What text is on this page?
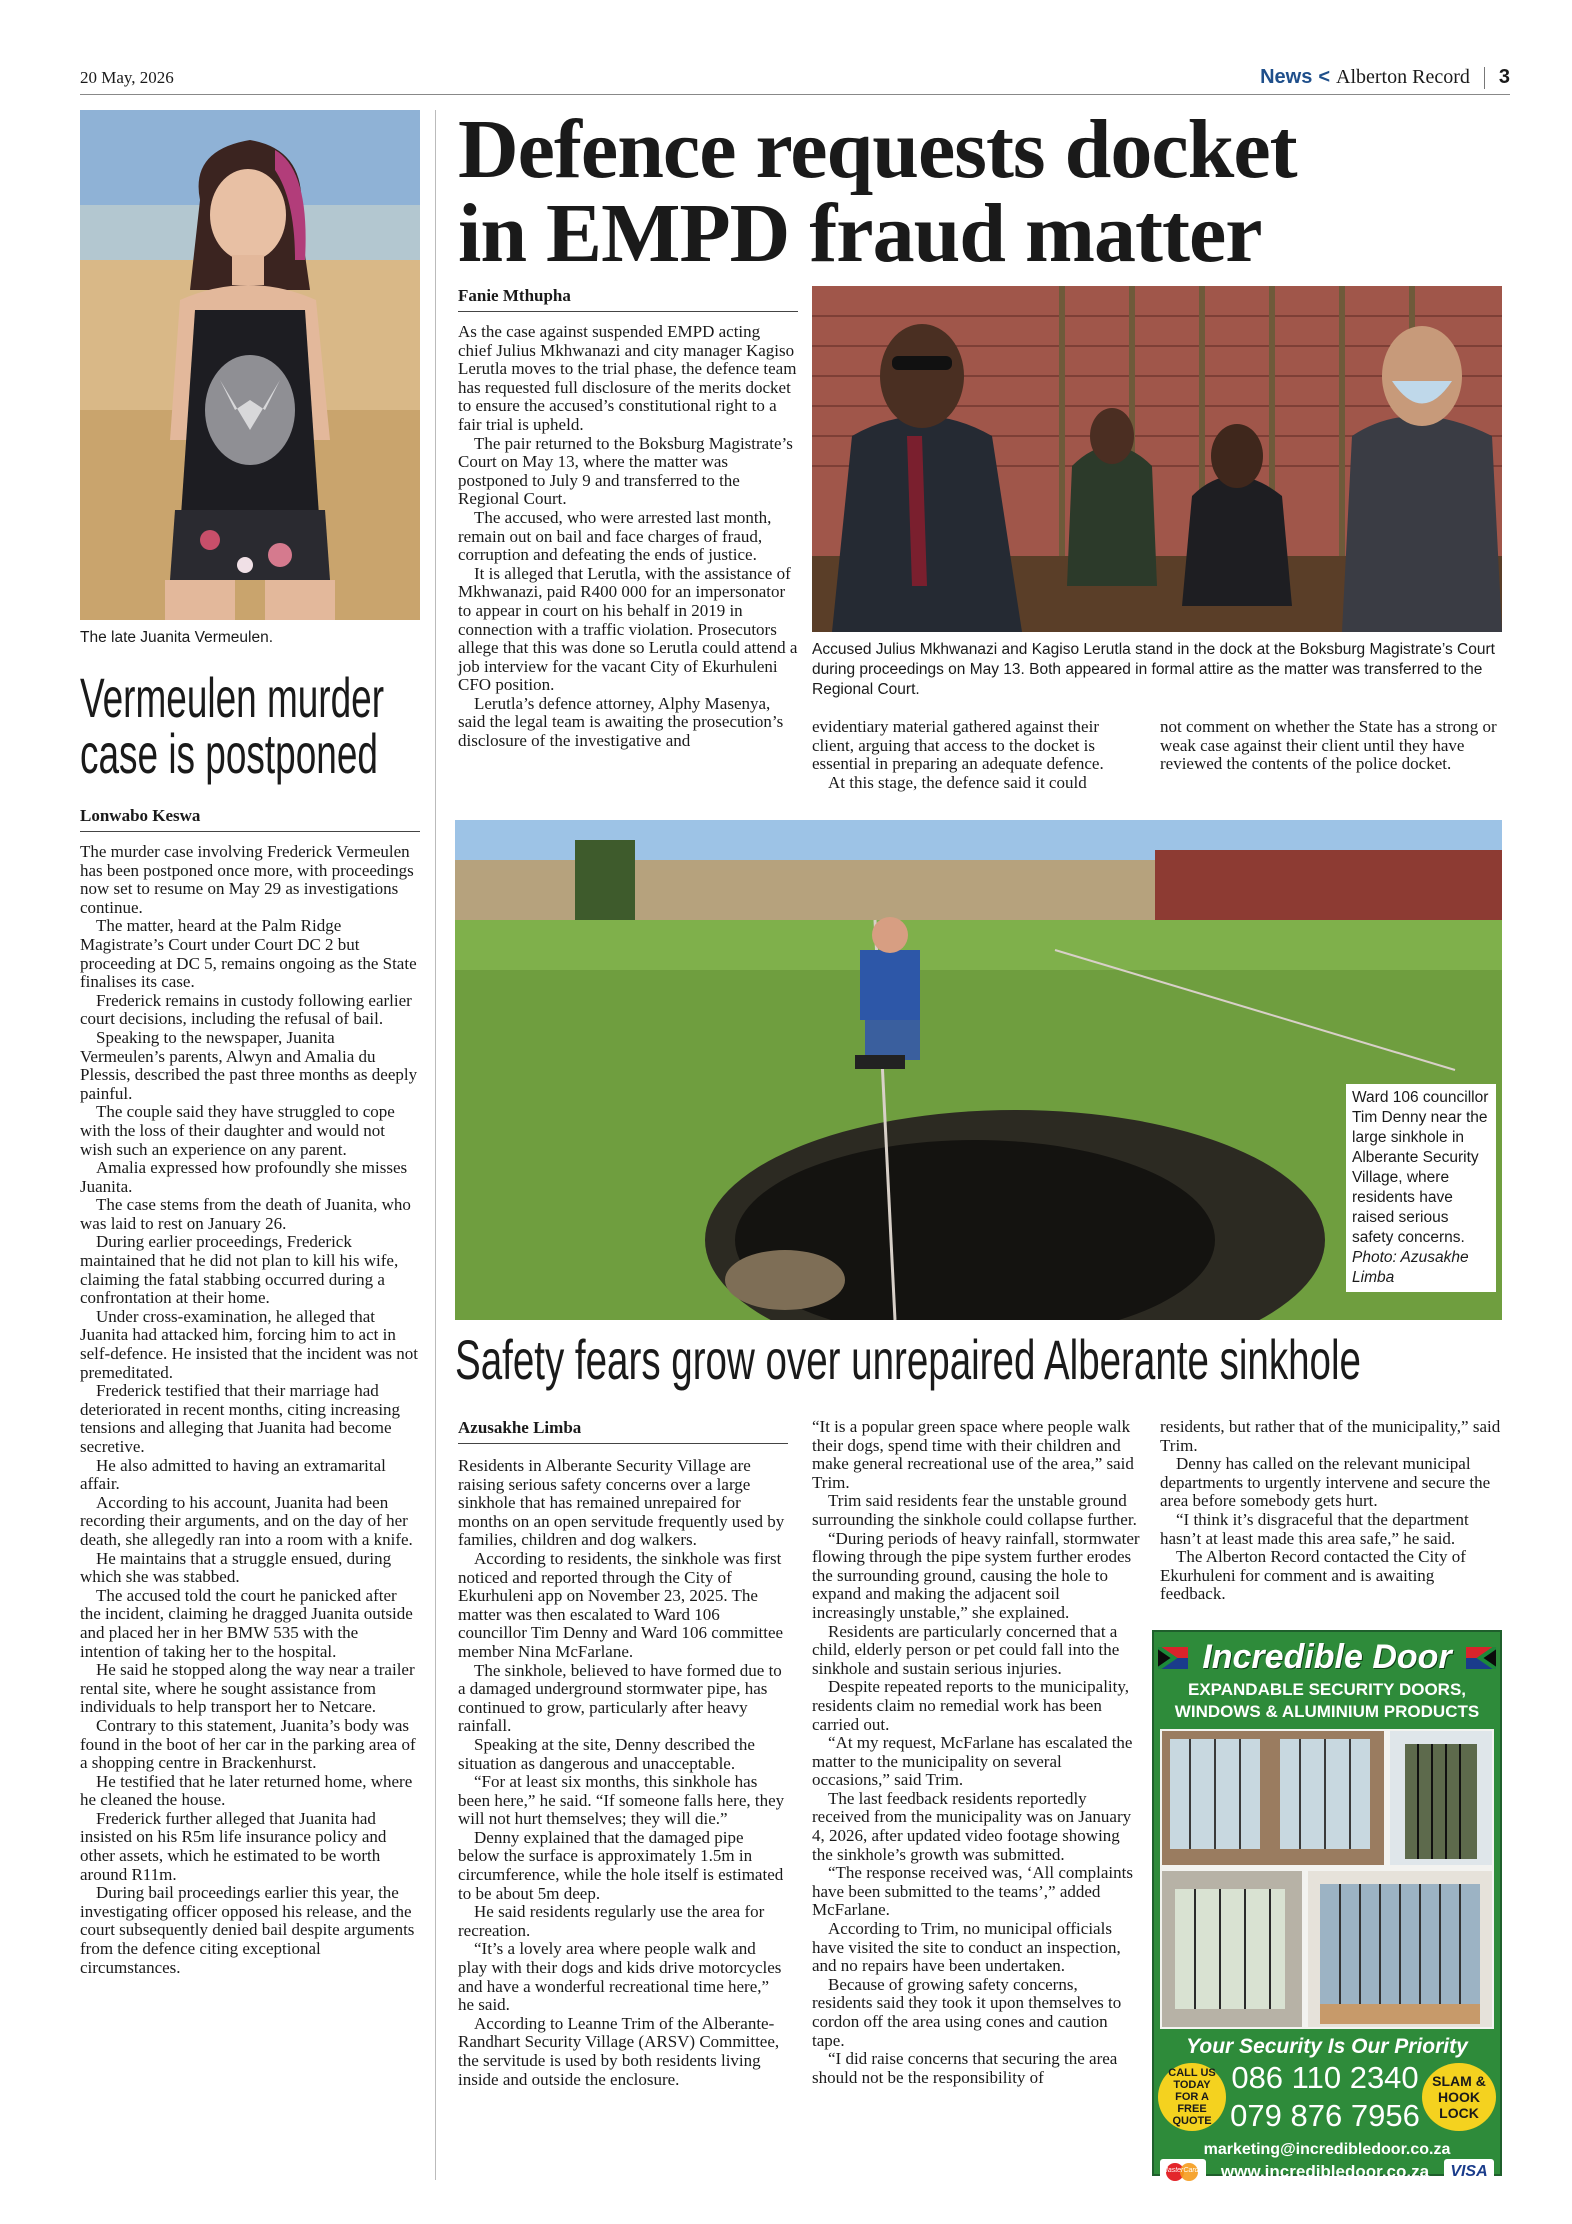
20 May, 2026	News < Alberton Record 3
The late Juanita Vermeulen.
Vermeulen murder
case is postponed
Lonwabo Keswa

The murder case involving Frederick Vermeulen has been postponed once more, with proceedings now set to resume on May 29 as investigations continue.

The matter, heard at the Palm Ridge Magistrate’s Court under Court DC 2 but proceeding at DC 5, remains ongoing as the State finalises its case.

Frederick remains in custody following earlier court decisions, including the refusal of bail.

Speaking to the newspaper, Juanita Vermeulen’s parents, Alwyn and Amalia du Plessis, described the past three months as deeply painful.

The couple said they have struggled to cope with the loss of their daughter and would not wish such an experience on any parent.

Amalia expressed how profoundly she misses Juanita.

The case stems from the death of Juanita, who was laid to rest on January 26.

During earlier proceedings, Frederick maintained that he did not plan to kill his wife, claiming the fatal stabbing occurred during a confrontation at their home.

Under cross-examination, he alleged that Juanita had attacked him, forcing him to act in self-defence. He insisted that the incident was not premeditated.

Frederick testified that their marriage had deteriorated in recent months, citing increasing tensions and alleging that Juanita had become secretive.

He also admitted to having an extramarital affair.

According to his account, Juanita had been recording their arguments, and on the day of her death, she allegedly ran into a room with a knife.

He maintains that a struggle ensued, during which she was stabbed.

The accused told the court he panicked after the incident, claiming he dragged Juanita outside and placed her in her BMW 535 with the intention of taking her to the hospital.

He said he stopped along the way near a trailer rental site, where he sought assistance from individuals to help transport her to Netcare.

Contrary to this statement, Juanita’s body was found in the boot of her car in the parking area of a shopping centre in Brackenhurst.

He testified that he later returned home, where he cleaned the house.

Frederick further alleged that Juanita had insisted on his R5m life insurance policy and other assets, which he estimated to be worth around R11m.

During bail proceedings earlier this year, the investigating officer opposed his release, and the court subsequently denied bail despite arguments from the defence citing exceptional circumstances.

Defence requests docket
in EMPD fraud matter
Fanie Mthupha

As the case against suspended EMPD acting chief Julius Mkhwanazi and city manager Kagiso Lerutla moves to the trial phase, the defence team has requested full disclosure of the merits docket to ensure the accused’s constitutional right to a fair trial is upheld.

The pair returned to the Boksburg Magistrate’s Court on May 13, where the matter was postponed to July 9 and transferred to the Regional Court.

The accused, who were arrested last month, remain out on bail and face charges of fraud, corruption and defeating the ends of justice.

It is alleged that Lerutla, with the assistance of Mkhwanazi, paid R400 000 for an impersonator to appear in court on his behalf in 2019 in connection with a traffic violation. Prosecutors allege that this was done so Lerutla could attend a job interview for the vacant City of Ekurhuleni CFO position.

Lerutla’s defence attorney, Alphy Masenya, said the legal team is awaiting the prosecution’s disclosure of the investigative and

Accused Julius Mkhwanazi and Kagiso Lerutla stand in the dock at the Boksburg Magistrate’s Court during proceedings on May 13. Both appeared in formal attire as the matter was transferred to the Regional Court.

evidentiary material gathered against their client, arguing that access to the docket is essential in preparing an adequate defence.

At this stage, the defence said it could

not comment on whether the State has a strong or weak case against their client until they have reviewed the contents of the police docket.

Ward 106 councillor Tim Denny near the large sinkhole in Alberante Security Village, where residents have raised serious safety concerns. Photo: Azusakhe Limba
Safety fears grow over unrepaired Alberante sinkhole
Azusakhe Limba

Residents in Alberante Security Village are raising serious safety concerns over a large sinkhole that has remained unrepaired for months on an open servitude frequently used by families, children and dog walkers.

According to residents, the sinkhole was first noticed and reported through the City of Ekurhuleni app on November 23, 2025. The matter was then escalated to Ward 106 councillor Tim Denny and Ward 106 committee member Nina McFarlane.

The sinkhole, believed to have formed due to a damaged underground stormwater pipe, has continued to grow, particularly after heavy rainfall.

Speaking at the site, Denny described the situation as dangerous and unacceptable.

“For at least six months, this sinkhole has been here,” he said. “If someone falls here, they will not hurt themselves; they will die.”

Denny explained that the damaged pipe below the surface is approximately 1.5m in circumference, while the hole itself is estimated to be about 5m deep.

He said residents regularly use the area for recreation.

“It’s a lovely area where people walk and play with their dogs and kids drive motorcycles and have a wonderful recreational time here,” he said.

According to Leanne Trim of the Alberante-Randhart Security Village (ARSV) Committee, the servitude is used by both residents living inside and outside the enclosure.

“It is a popular green space where people walk their dogs, spend time with their children and make general recreational use of the area,” said Trim.

Trim said residents fear the unstable ground surrounding the sinkhole could collapse further.

“During periods of heavy rainfall, stormwater flowing through the pipe system further erodes the surrounding ground, causing the hole to expand and making the adjacent soil increasingly unstable,” she explained.

Residents are particularly concerned that a child, elderly person or pet could fall into the sinkhole and sustain serious injuries.

Despite repeated reports to the municipality, residents claim no remedial work has been carried out.

“At my request, McFarlane has escalated the matter to the municipality on several occasions,” said Trim.

The last feedback residents reportedly received from the municipality was on January 4, 2026, after updated video footage showing the sinkhole’s growth was submitted.

“The response received was, ‘All complaints have been submitted to the teams’,” added McFarlane.

According to Trim, no municipal officials have visited the site to conduct an inspection, and no repairs have been undertaken.

Because of growing safety concerns, residents said they took it upon themselves to cordon off the area using cones and caution tape.

“I did raise concerns that securing the area should not be the responsibility of

residents, but rather that of the municipality,” said Trim.

Denny has called on the relevant municipal departments to urgently intervene and secure the area before somebody gets hurt.

“I think it’s disgraceful that the department hasn’t at least made this area safe,” he said.

The Alberton Record contacted the City of Ekurhuleni for comment and is awaiting feedback.

Incredible Door
EXPANDABLE SECURITY DOORS, WINDOWS & ALUMINIUM PRODUCTS
Your Security Is Our Priority
CALL US TODAY FOR A FREE QUOTE
086 110 2340
079 876 7956
SLAM & HOOK LOCK
marketing@incredibledoor.co.za
MasterCard www.incredibledoor.co.za	VISA
